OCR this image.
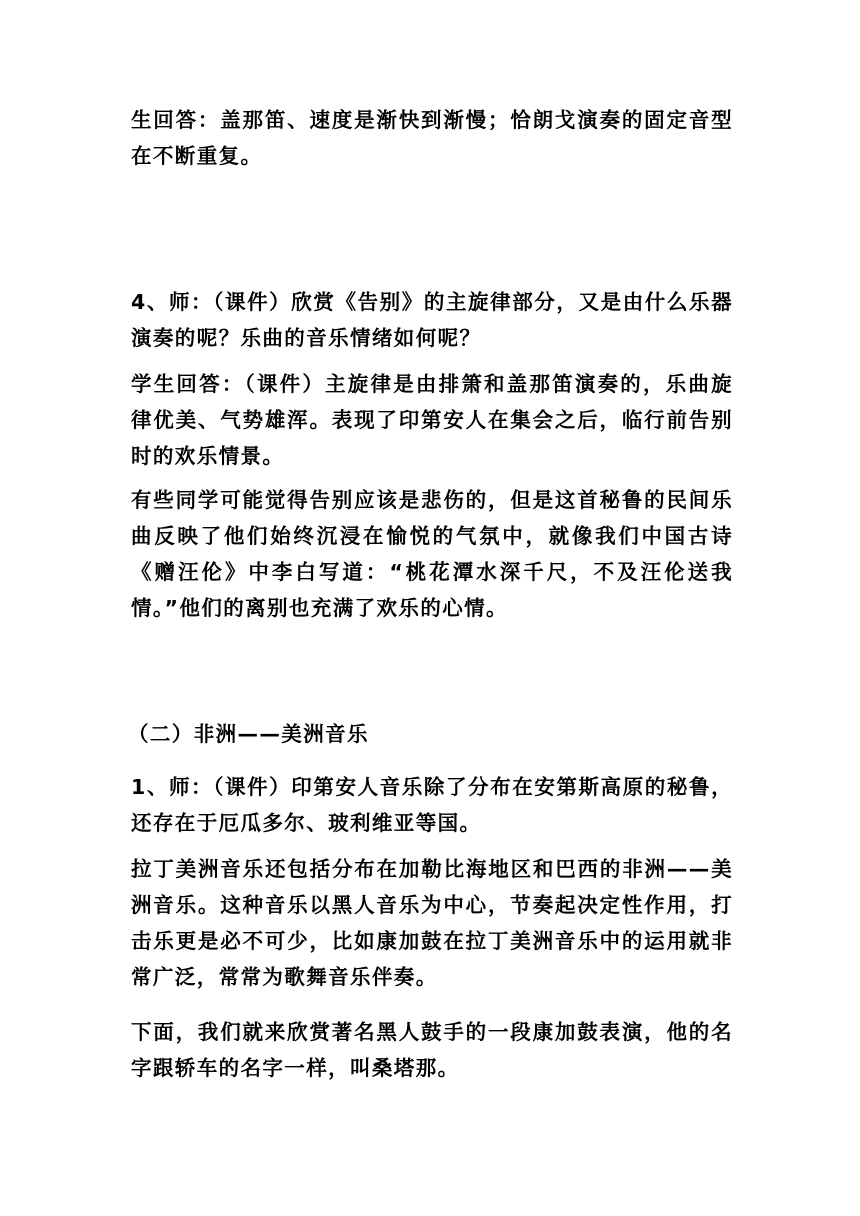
生回答：盖那笛、速度是渐快到渐慢；恰朗戈演奏的固定音型在不断重复。

4、师：（课件）欣赏《告别》的主旋律部分，又是由什么乐器演奏的呢？乐曲的音乐情绪如何呢？

学生回答：（课件）主旋律是由排箫和盖那笛演奏的，乐曲旋律优美、气势雄浑。表现了印第安人在集会之后，临行前告别时的欢乐情景。

有些同学可能觉得告别应该是悲伤的，但是这首秘鲁的民间乐曲反映了他们始终沉浸在愉悦的气氛中，就像我们中国古诗《赠汪伦》中李白写道：“桃花潭水深千尺，不及汪伦送我情。”他们的离别也充满了欢乐的心情。

（二）非洲——美洲音乐

1、师：（课件）印第安人音乐除了分布在安第斯高原的秘鲁，还存在于厄瓜多尔、玻利维亚等国。

拉丁美洲音乐还包括分布在加勒比海地区和巴西的非洲——美洲音乐。这种音乐以黑人音乐为中心，节奏起决定性作用，打击乐更是必不可少，比如康加鼓在拉丁美洲音乐中的运用就非常广泛，常常为歌舞音乐伴奏。

下面，我们就来欣赏著名黑人鼓手的一段康加鼓表演，他的名字跟轿车的名字一样，叫桑塔那。
